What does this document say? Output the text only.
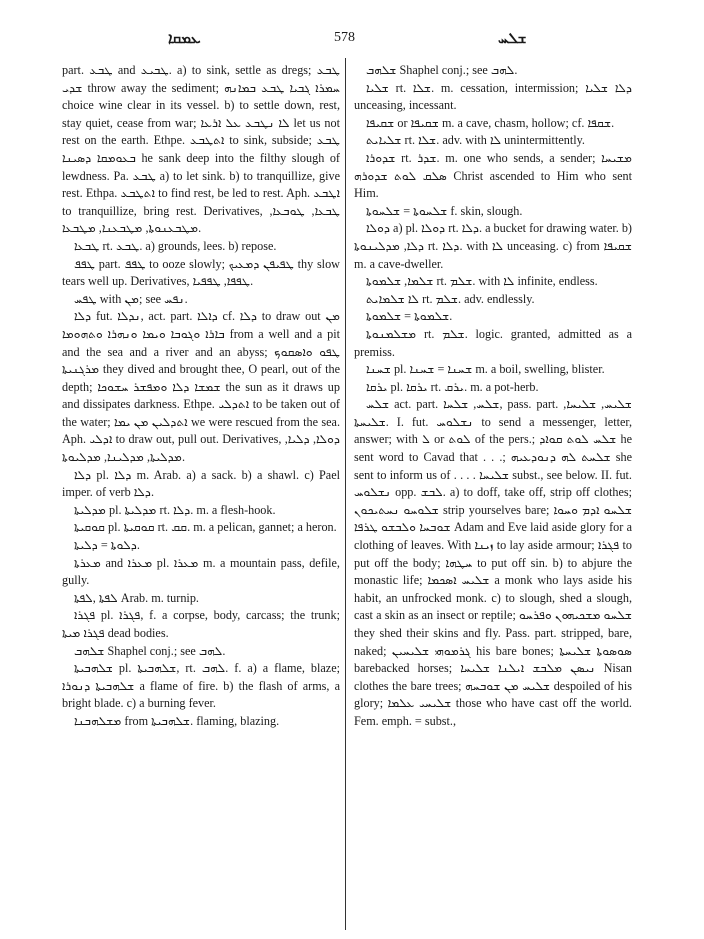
ܥܡܩܐ	578	ܫܠܚ

part. ܛܒܥ and ܛܒܝܥ. a) to sink, settle as dregs; ܛܒܥ ܫܕܝ throw away the sediment; ܚܡܪܐ ܓܒܝܐ ܛܒܥ ܒܡܐܢܗ choice wine clear in its vessel. b) to settle down, rest, stay quiet, cease from war; ܠܐ ܢܛܒܥ ܥܠ ܐܪܥܐ let us not rest on the earth. Ethpe. ܐܬܛܒܥ to sink, subside; ܛܒܥ ܒܥܘܡܩܐ ܕܣܝܢܐ he sank deep into the filthy slough of lewdness. Pa. ܛܒܥ a) to let sink. b) to tranquillize, give rest. Ethpa. ܐܬܛܒܥ to find rest, be led to rest. Aph. ܐܛܒܥ to tranquillize, bring rest. Derivatives, ܛܒܥܐ, ܛܘܒܥܐ, ܡܛܒܥܢܘܬܐ, ܡܛܒܥܢܐ, ܡܛܒܥܐ.

ܛܒܥܐ rt. ܛܒܥ. a) grounds, lees. b) repose.

ܛܦܦ part. ܛܦܦ to ooze slowly; ܛܦܝܦܢ ܕܡܥܝܟ thy slow tears well up. Derivatives, ܛܦܦܐ, ܛܦܦܝܐ.

ܛܦܚ with ܡܢ; see ܢܦܚ.

ܕܠܐ fut. ܢܕܠܐ, act. part. ܕܐܠܐ cf. ܕܠܐ to draw out ܡܢ ܒܐܪܐ ܘܓܘܒܐ ܘܝܡܐ ܘܢܗܪܐ ܘܬܗܘܡܐ from a well and a pit and the sea and a river and an abyss; ܛܦܘ ܘܐܣܩܘܟ ܡܪܓܢܝܬܐ they dived and brought thee, O pearl, out of the depth; ܫܡܫܐ ܕܠܐ ܘܡܦܫܪ ܚܫܘܟܐ the sun as it draws up and dissipates darkness. Ethpe. ܐܬܕܠܝ to be taken out of the water; ܐܬܕܠܝܢ ܡܢ ܝܡܐ we were rescued from the sea. Aph. ܐܕܠܝ to draw out, pull out. Derivatives, ܕܘܠܐ, ܕܠܝܐ, ܡܕܠܝܬܐ, ܡܕܠܝܢܐ, ܡܕܠܝܘܬܐ.

ܕܠܐ pl. ܕܠܐ m. Arab. a) a sack. b) a shawl. c) Pael imper. of verb ܕܠܐ.

ܡܕܠܝܬܐ pl. ܡܕܠܝܬܐ rt. ܕܠܐ. m. a flesh-hook.

ܩܘܩܝܬܐ pl. ܩܘܩܝܬܐ rt. ܩܩ. m. a pelican, gannet; a heron.

ܕܠܘܬܐ = ܕܠܝܬܐ.

ܡܥܪܬܐ and ܡܥܪܐ pl. ܡܥܪܐ m. a mountain pass, defile, gully.

ܠܦܬܐ ,ܠܦܬܐ Arab. m. turnip.

ܦܓܪܐ pl. ܦܓܪܐ, f. a corpse, body, carcass; the trunk; ܦܓܪܐ ܡܝܬܐ dead bodies.

ܫܠܗܒ Shaphel conj.; see ܠܗܒ.

ܫܠܗܒܝܬܐ pl. ܫܠܗܒܝܬܐ, rt. ܠܗܒ. f. a) a flame, blaze; ܫܠܗܒܝܬܐ ܕܢܘܪܐ a flame of fire. b) the flash of arms, a bright blade. c) a burning fever.

ܡܫܠܗܒܢܐ from ܫܠܗܒܝܬܐ. flaming, blazing.

ܫܠܗܒ Shaphel conj.; see ܠܗܒ.

ܫܠܝܐ rt. ܫܠܐ. m. cessation, intermission; ܕܠܐ ܫܠܝܐ unceasing, incessant.

ܫܩܝܦܐ or ܫܩܝܦܐ m. a cave, chasm, hollow; cf. ܫܩܦܐ.

ܫܠܝܐܝܬ rt. ܫܠܐ. adv. with ܠܐ unintermittently.

ܫܕܘܪܐ rt. ܫܕܪ. m. one who sends, a sender; ܡܫܝܚܐ ܣܠܩ ܠܘܬ ܫܕܘܪܗ Christ ascended to Him who sent Him.

ܫܠܚܘܬܐ = ܫܠܚܘܬܐ f. skin, slough.

ܕܘܠܐ a) pl. ܕܘܠܐ rt. ܕܠܐ. a bucket for drawing water. b) ܕܠܐ, ܡܕܠܝܢܘܬܐ rt. ܕܠܐ. with ܠܐ unceasing. c) from ܫܩܝܦܐ m. a cave-dweller.

ܫܠܡܐ, ܫܠܡܘܬܐ rt. ܫܠܡ. with ܠܐ infinite, endless.

ܠܐ ܫܠܡܐܝܬ rt. ܫܠܡ. adv. endlessly.

ܫܠܡܘܬܐ = ܫܠܡܘܬܐ.

ܡܫܠܡܢܘܬܐ rt. ܫܠܡ. logic. granted, admitted as a premiss.

ܫܚܢܐ pl. ܫܚܢܐ = ܫܚܢܐ m. a boil, swelling, blister.

ܝܪܩܐ pl. ܝܪܩܐ rt. ܝܪܩ. m. a pot-herb.

ܫܠܚ act. part. ܫܠܚ, ܫܠܚܐ, pass. part. ܫܠܝܚ, ܫܠܝܚܐ, ܫܠܝܚܬܐ. I. fut. ܢܫܠܘܚ to send a messenger, letter, answer; with ܠ or ܠܘܬ of the pers.; ܫܠܚ ܠܘܬ ܩܘܐܕ he sent word to Cavad that . . .; ܫܠܚܬ ܠܗ ܕܢܘܕܥܝܗ she sent to inform us of . . . . ܫܠܝܚܐ subst., see below. II. fut. ܢܫܠܘܚ opp. ܠܒܫ. a) to doff, take off, strip off clothes; ܫܠܘܚܘ ܢܚܬܝܟܘܢ strip yourselves bare; ܫܠܚܘ ܐܕܡ ܘܚܘܐ ܫܘܒܚܐ ܘܠܒܫܘ ܛܪܦܐ Adam and Eve laid aside glory for a clothing of leaves. With ܙܝܢܐ to lay aside armour; ܦܓܪܐ to put off the body; ܚܛܗܐ to put off sin. b) to abjure the monastic life; ܫܠܝܚ ܐܣܟܡܐ a monk who lays aside his habit, an unfrocked monk. c) to slough, shed a slough, cast a skin as an insect or reptile; ܫܠܚܘ ܡܫܟܝܗܘܢ ܘܦܪܚܘ they shed their skins and fly. Pass. part. stripped, bare, naked; ܓܪܡܘܗܝ ܫܠܝܚܝܢ his bare bones; ܣܘܣܘܬܐ ܫܠܝܚܬܐ barebacked horses; ܢܝܣܢ ܡܠܒܫ ܐܝܠܢܐ ܫܠܝܚܐ Nisan clothes the bare trees; ܫܠܝܚ ܡܢ ܫܘܒܚܗ despoiled of his glory; ܫܠܝܚܝ ܥܠܡܐ those who have cast off the world. Fem. emph. = subst.,
